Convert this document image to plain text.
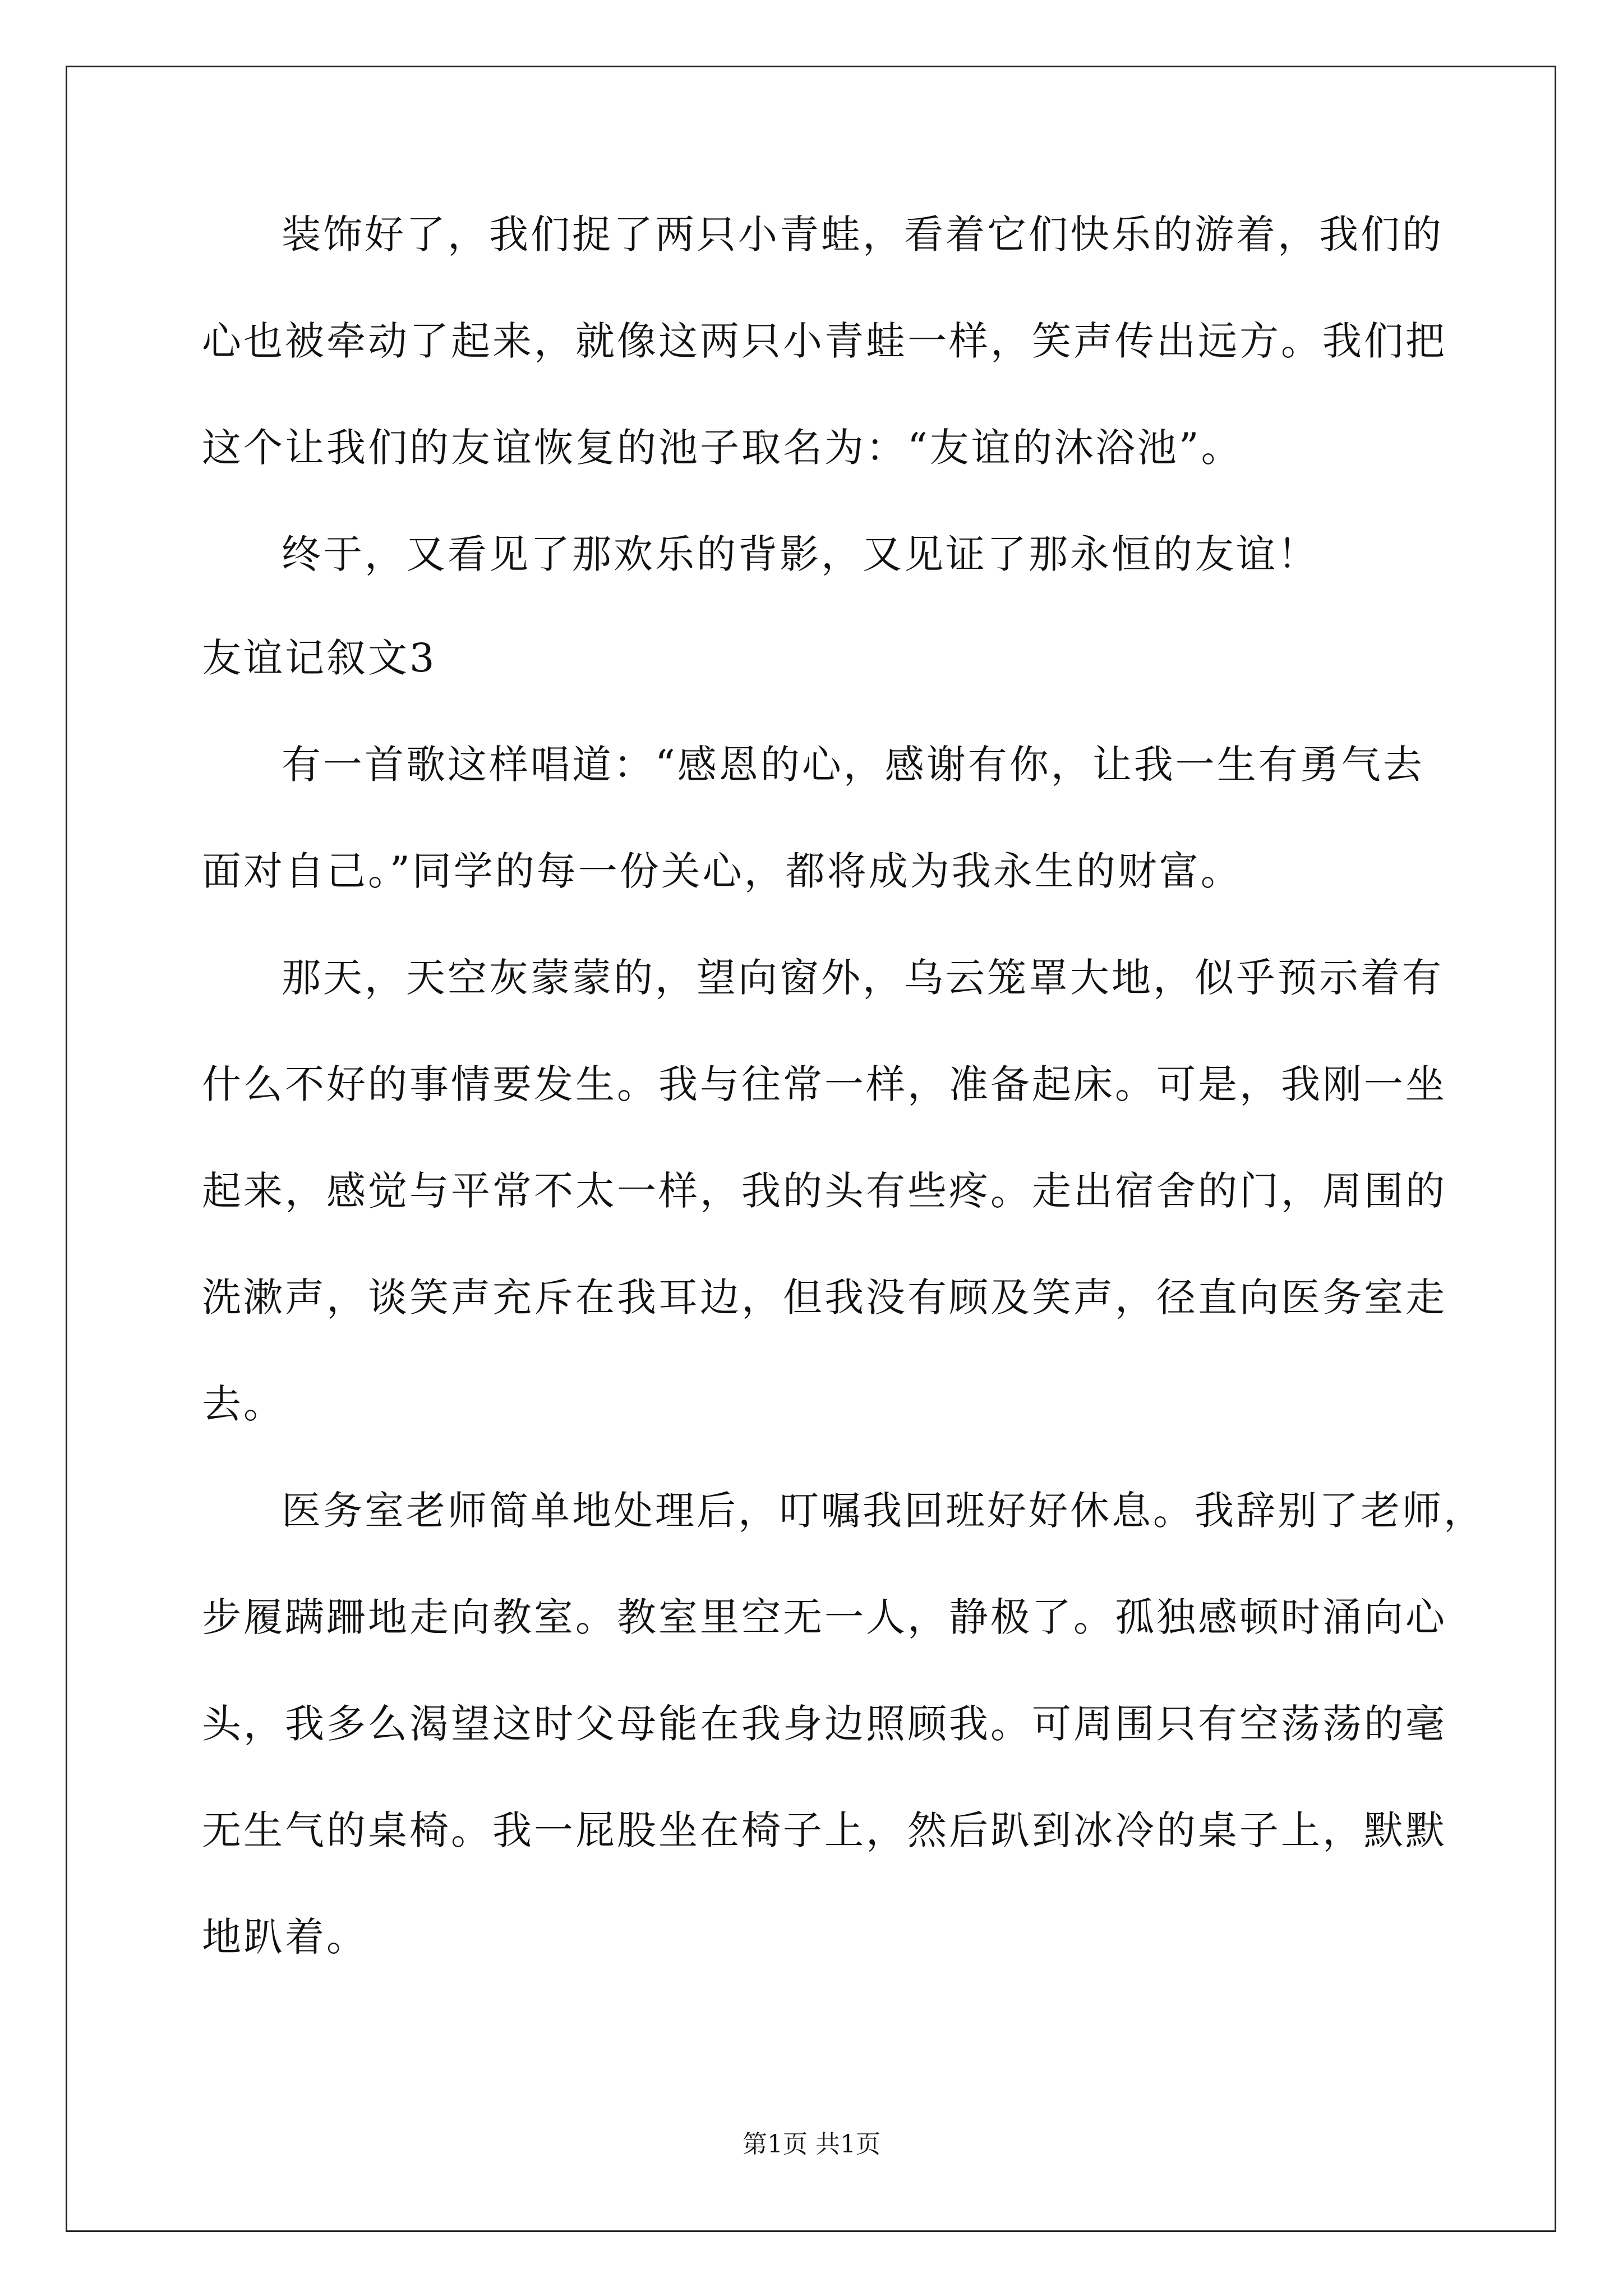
装饰好了，我们捉了两只小青蛙，看着它们快乐的游着，我们的
心也被牵动了起来，就像这两只小青蛙一样，笑声传出远方。我们把
这个让我们的友谊恢复的池子取名为：“友谊的沐浴池”。
终于，又看见了那欢乐的背影，又见证了那永恒的友谊！
友谊记叙文3
有一首歌这样唱道：“感恩的心，感谢有你，让我一生有勇气去
面对自己。”同学的每一份关心，都将成为我永生的财富。
那天，天空灰蒙蒙的，望向窗外，乌云笼罩大地，似乎预示着有
什么不好的事情要发生。我与往常一样，准备起床。可是，我刚一坐
起来，感觉与平常不太一样，我的头有些疼。走出宿舍的门，周围的
洗漱声，谈笑声充斥在我耳边，但我没有顾及笑声，径直向医务室走
去。
医务室老师简单地处理后，叮嘱我回班好好休息。我辞别了老师，
步履蹒跚地走向教室。教室里空无一人，静极了。孤独感顿时涌向心
头，我多么渴望这时父母能在我身边照顾我。可周围只有空荡荡的毫
无生气的桌椅。我一屁股坐在椅子上，然后趴到冰冷的桌子上，默默
地趴着。
第1页 共1页
